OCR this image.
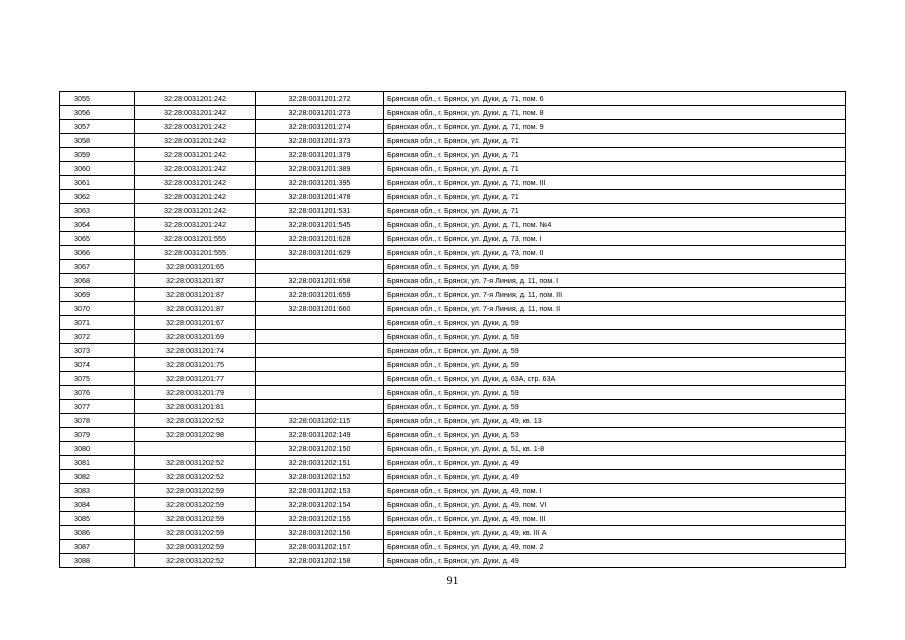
3055	32:28:0031201:242	32:28:0031201:272	Брянская обл., г. Брянск, ул. Дуки, д. 71, пом. 6
3056	32:28:0031201:242	32:28:0031201:273	Брянская обл., г. Брянск, ул. Дуки, д. 71, пом. 8
3057	32:28:0031201:242	32:28:0031201:274	Брянская обл., г. Брянск, ул. Дуки, д. 71, пом. 9
3058	32:28:0031201:242	32:28:0031201:373	Брянская обл., г. Брянск, ул. Дуки, д. 71
3059	32:28:0031201:242	32:28:0031201:379	Брянская обл., г. Брянск, ул. Дуки, д. 71
3060	32:28:0031201:242	32:28:0031201:389	Брянская обл., г. Брянск, ул. Дуки, д. 71
3061	32:28:0031201:242	32:28:0031201:395	Брянская обл., г. Брянск, ул. Дуки, д. 71, пом. III
3062	32:28:0031201:242	32:28:0031201:478	Брянская обл., г. Брянск, ул. Дуки, д. 71
3063	32:28:0031201:242	32:28:0031201:531	Брянская обл., г. Брянск, ул. Дуки, д. 71
3064	32:28:0031201:242	32:28:0031201:545	Брянская обл., г. Брянск, ул. Дуки, д. 71, пом. №4
3065	32:28:0031201:555	32:28:0031201:628	Брянская обл., г. Брянск, ул. Дуки, д. 73, пом. I
3066	32:28:0031201:555	32:28:0031201:629	Брянская обл., г. Брянск, ул. Дуки, д. 73, пом. II
3067	32:28:0031201:65		Брянская обл., г. Брянск, ул. Дуки, д. 59
3068	32:28:0031201:87	32:28:0031201:658	Брянская обл., г. Брянск, ул. 7-я Линия, д. 11, пом. I
3069	32:28:0031201:87	32:28:0031201:659	Брянская обл., г. Брянск, ул. 7-я Линия, д. 11, пом. III
3070	32:28:0031201:87	32:28:0031201:660	Брянская обл., г. Брянск, ул. 7-я Линия, д. 11, пом. II
3071	32:28:0031201:67		Брянская обл., г. Брянск, ул. Дуки, д. 59
3072	32:28:0031201:69		Брянская обл., г. Брянск, ул. Дуки, д. 59
3073	32:28:0031201:74		Брянская обл., г. Брянск, ул. Дуки, д. 59
3074	32:28:0031201:75		Брянская обл., г. Брянск, ул. Дуки, д. 59
3075	32:28:0031201:77		Брянская обл., г. Брянск, ул. Дуки, д. 63А, стр. 63А
3076	32:28:0031201:79		Брянская обл., г. Брянск, ул. Дуки, д. 59
3077	32:28:0031201:81		Брянская обл., г. Брянск, ул. Дуки, д. 59
3078	32:28:0031202:52	32:28:0031202:115	Брянская обл., г. Брянск, ул. Дуки, д. 49, кв. 13
3079	32:28:0031202:98	32:28:0031202:149	Брянская обл., г. Брянск, ул. Дуки, д. 53
3080		32:28:0031202:150	Брянская обл., г. Брянск, ул. Дуки, д. 51, кв. 1-8
3081	32:28:0031202:52	32:28:0031202:151	Брянская обл., г. Брянск, ул. Дуки, д. 49
3082	32:28:0031202:52	32:28:0031202:152	Брянская обл., г. Брянск, ул. Дуки, д. 49
3083	32:28:0031202:59	32:28:0031202:153	Брянская обл., г. Брянск, ул. Дуки, д. 49, пом. I
3084	32:28:0031202:59	32:28:0031202:154	Брянская обл., г. Брянск, ул. Дуки, д. 49, пом. VI
3085	32:28:0031202:59	32:28:0031202:155	Брянская обл., г. Брянск, ул. Дуки, д. 49, пом. III
3086	32:28:0031202:59	32:28:0031202:156	Брянская обл., г. Брянск, ул. Дуки, д. 49, кв. III А
3087	32:28:0031202:59	32:28:0031202:157	Брянская обл., г. Брянск, ул. Дуки, д. 49, пом. 2
3088	32:28:0031202:52	32:28:0031202:158	Брянская обл., г. Брянск, ул. Дуки, д. 49
91
